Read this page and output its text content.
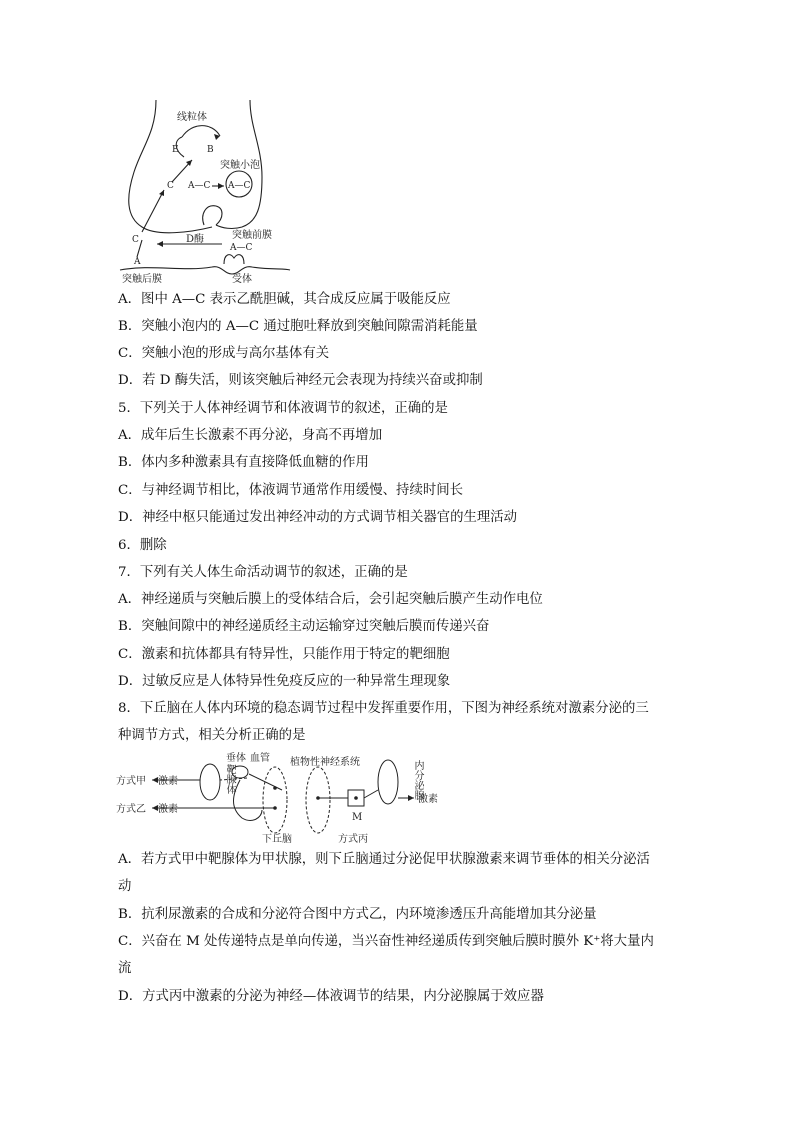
线粒体
E	B
突触小泡
C A—C A—C
C	突触前膜
D酶
A—C
A
突触后膜	受体
A．图中 A—C 表示乙酰胆碱，其合成反应属于吸能反应
B．突触小泡内的 A—C 通过胞吐释放到突触间隙需消耗能量
C．突触小泡的形成与高尔基体有关
D．若 D 酶失活，则该突触后神经元会表现为持续兴奋或抑制
5．下列关于人体神经调节和体液调节的叙述，正确的是
A．成年后生长激素不再分泌，身高不再增加
B．体内多种激素具有直接降低血糖的作用
C．与神经调节相比，体液调节通常作用缓慢、持续时间长
D．神经中枢只能通过发出神经冲动的方式调节相关器官的生理活动
6．删除
7．下列有关人体生命活动调节的叙述，正确的是
A．神经递质与突触后膜上的受体结合后，会引起突触后膜产生动作电位
B．突触间隙中的神经递质经主动运输穿过突触后膜而传递兴奋
C．激素和抗体都具有特异性，只能作用于特定的靶细胞
D．过敏反应是人体特异性免疫反应的一种异常生理现象
8．下丘脑在人体内环境的稳态调节过程中发挥重要作用，下图为神经系统对激素分泌的三
种调节方式，相关分析正确的是
方式甲 激素
靶腺体
垂体 血管 植物性神经系统 内分泌腺
方式乙 激素
激素
M
下丘脑	方式丙
A．若方式甲中靶腺体为甲状腺，则下丘脑通过分泌促甲状腺激素来调节垂体的相关分泌活
动
B．抗利尿激素的合成和分泌符合图中方式乙，内环境渗透压升高能增加其分泌量
C．兴奋在 M 处传递特点是单向传递，当兴奋性神经递质传到突触后膜时膜外 K⁺将大量内
流
D．方式丙中激素的分泌为神经—体液调节的结果，内分泌腺属于效应器
